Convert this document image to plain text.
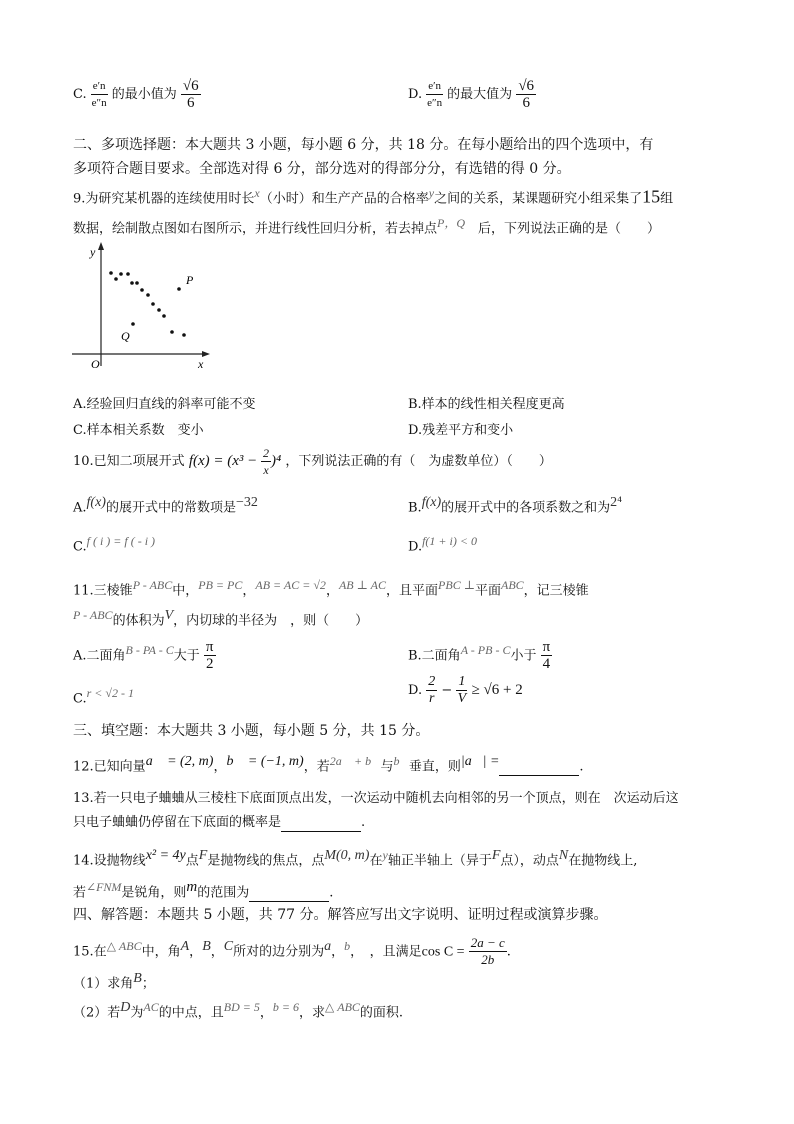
C. $\frac{e'n}{e''n}$ 的最小值为 $\frac{√6}{6}$	D. $\frac{e'n}{e''n}$ 的最大值为 $\frac{√6}{6}$
二、多项选择题：本大题共 3 小题，每小题 6 分，共 18 分。在每小题给出的四个选项中，有
多项符合题目要求。全部选对得 6 分，部分选对的得部分分，有选错的得 0 分。
9.为研究某机器的连续使用时长x（小时）和生产产品的合格率y之间的关系，某课题研究小组采集了15组
数据，绘制散点图如右图所示，并进行线性回归分析，若去掉点P，Q　 后，下列说法正确的是（　　）
y
x
O
P
Q
A.经验回归直线的斜率可能不变	B.样本的线性相关程度更高
C.样本相关系数　变小	D.残差平方和变小
10.已知二项展开式 $f(x) = (x^3 - \frac{2}{x} )^4$ ，下列说法正确的有（　为虚数单位）（　　）
A.f(x)的展开式中的常数项是−32	B.f(x)的展开式中的各项系数之和为2⁴
C.f ( i ) = f ( - i )	D.f(1 + i) < 0
11.三棱锥P - ABC中，PB = PC，AB = AC = √2，AB ⊥ AC，且平面PBC ⊥平面ABC，记三棱锥
P - ABC的体积为V，内切球的半径为　，则（　　）
A.二面角B - PA - C大于 $\frac{\pi}{2}$	B.二面角A - PB - C小于 $\frac{\pi}{4}$
C.r < √2 - 1	D. $\frac{2}{r} - \frac{1}{V} \ge √6 + 2$
三、填空题：本大题共 3 小题，每小题 5 分，共 15 分。
12.已知向量a⃗ = (2, m)，b⃗ = (−1, m)，若2a⃗ + b⃗与b⃗垂直，则|a⃗| =	.
13.若一只电子蛐蛐从三棱柱下底面顶点出发，一次运动中随机去向相邻的另一个顶点，则在　次运动后这
只电子蛐蛐仍停留在下底面的概率是	.
14.设抛物线x² = 4y点F是抛物线的焦点，点M(0, m)在y轴正半轴上（异于F点），动点N在抛物线上,
若∠FNM是锐角，则m的范围为	.
四、解答题：本题共 5 小题，共 77 分。解答应写出文字说明、证明过程或演算步骤。
15.在△ ABC中，角A，B，C所对的边分别为a，b，　，且满足$\cos C = \frac{2a - c}{2b}$ .
（1）求角B；
（2）若D为AC的中点，且BD = 5，b = 6，求△ ABC的面积.
